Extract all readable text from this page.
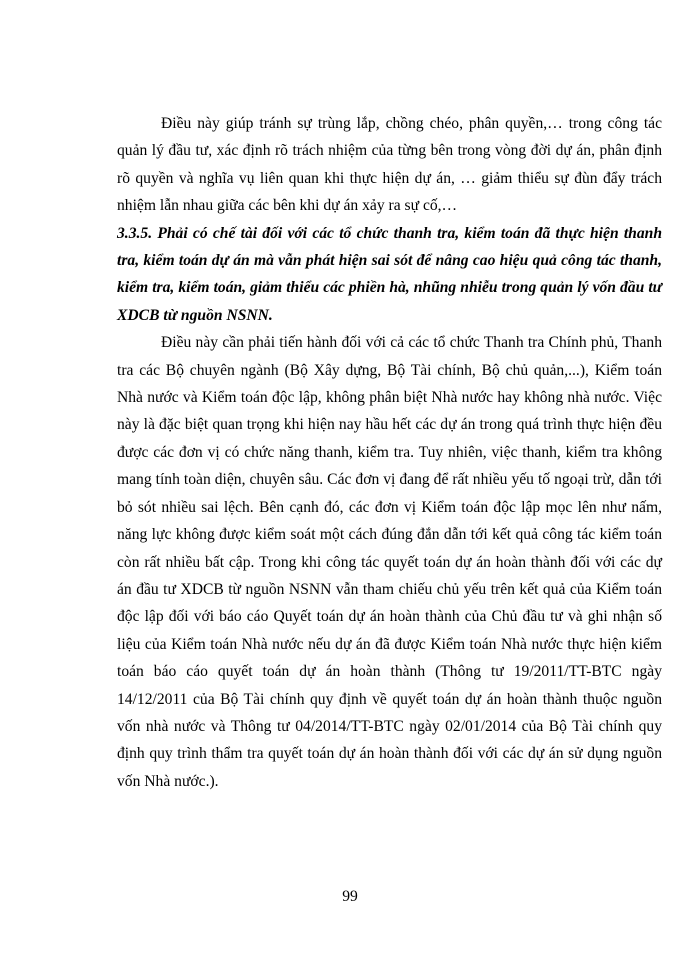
Điều này giúp tránh sự trùng lắp, chồng chéo, phân quyền,… trong công tác quản lý đầu tư, xác định rõ trách nhiệm của từng bên trong vòng đời dự án, phân định rõ quyền và nghĩa vụ liên quan khi thực hiện dự án, … giảm thiểu sự đùn đẩy trách nhiệm lẫn nhau giữa các bên khi dự án xảy ra sự cố,…

3.3.5. Phải có chế tài đối với các tổ chức thanh tra, kiểm toán đã thực hiện thanh tra, kiểm toán dự án mà vẫn phát hiện sai sót để nâng cao hiệu quả công tác thanh, kiểm tra, kiểm toán, giảm thiểu các phiền hà, nhũng nhiễu trong quản lý vốn đầu tư XDCB từ nguồn NSNN.

Điều này cần phải tiến hành đối với cả các tổ chức Thanh tra Chính phủ, Thanh tra các Bộ chuyên ngành (Bộ Xây dựng, Bộ Tài chính, Bộ chủ quản,...), Kiểm toán Nhà nước và Kiểm toán độc lập, không phân biệt Nhà nước hay không nhà nước. Việc này là đặc biệt quan trọng khi hiện nay hầu hết các dự án trong quá trình thực hiện đều được các đơn vị có chức năng thanh, kiểm tra. Tuy nhiên, việc thanh, kiểm tra không mang tính toàn diện, chuyên sâu. Các đơn vị đang để rất nhiều yếu tố ngoại trừ, dẫn tới bỏ sót nhiều sai lệch. Bên cạnh đó, các đơn vị Kiểm toán độc lập mọc lên như nấm, năng lực không được kiểm soát một cách đúng đắn dẫn tới kết quả công tác kiểm toán còn rất nhiều bất cập. Trong khi công tác quyết toán dự án hoàn thành đối với các dự án đầu tư XDCB từ nguồn NSNN vẫn tham chiếu chủ yếu trên kết quả của Kiểm toán độc lập đối với báo cáo Quyết toán dự án hoàn thành của Chủ đầu tư và ghi nhận số liệu của Kiểm toán Nhà nước nếu dự án đã được Kiểm toán Nhà nước thực hiện kiểm toán báo cáo quyết toán dự án hoàn thành (Thông tư 19/2011/TT-BTC ngày 14/12/2011 của Bộ Tài chính quy định về quyết toán dự án hoàn thành thuộc nguồn vốn nhà nước và Thông tư 04/2014/TT-BTC ngày 02/01/2014 của Bộ Tài chính quy định quy trình thẩm tra quyết toán dự án hoàn thành đối với các dự án sử dụng nguồn vốn Nhà nước.).

99
